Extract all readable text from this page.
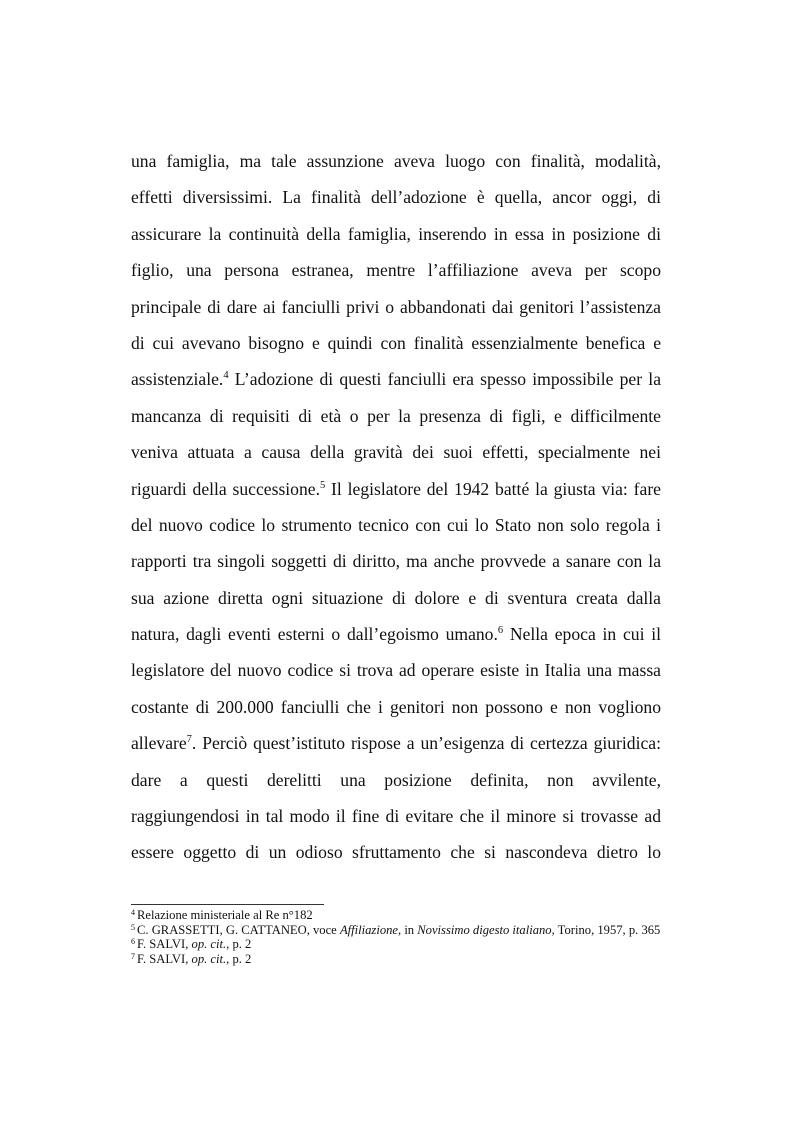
una famiglia, ma tale assunzione aveva luogo con finalità, modalità,
effetti diversissimi. La finalità dell’adozione è quella, ancor oggi, di
assicurare la continuità della famiglia, inserendo in essa in posizione di
figlio, una persona estranea, mentre l’affiliazione aveva per scopo
principale di dare ai fanciulli privi o abbandonati dai genitori l’assistenza
di cui avevano bisogno e quindi con finalità essenzialmente benefica e
assistenziale.$^4$ L’adozione di questi fanciulli era spesso impossibile per la
mancanza di requisiti di età o per la presenza di figli, e difficilmente
veniva attuata a causa della gravità dei suoi effetti, specialmente nei
riguardi della successione.$^5$ Il legislatore del 1942 batté la giusta via: fare
del nuovo codice lo strumento tecnico con cui lo Stato non solo regola i
rapporti tra singoli soggetti di diritto, ma anche provvede a sanare con la
sua azione diretta ogni situazione di dolore e di sventura creata dalla
natura, dagli eventi esterni o dall’egoismo umano.$^6$ Nella epoca in cui il
legislatore del nuovo codice si trova ad operare esiste in Italia una massa
costante di 200.000 fanciulli che i genitori non possono e non vogliono
allevare$^7$. Perciò quest’istituto rispose a un’esigenza di certezza giuridica:
dare a questi derelitti una posizione definita, non avvilente,
raggiungendosi in tal modo il fine di evitare che il minore si trovasse ad
essere oggetto di un odioso sfruttamento che si nascondeva dietro lo
$^4$ Relazione ministeriale al Re n°182
$^5$ C. GRASSETTI, G. CATTANEO, voce Affiliazione, in Novissimo digesto italiano, Torino, 1957, p. 365
$^6$ F. SALVI, op. cit., p. 2
$^7$ F. SALVI, op. cit., p. 2
